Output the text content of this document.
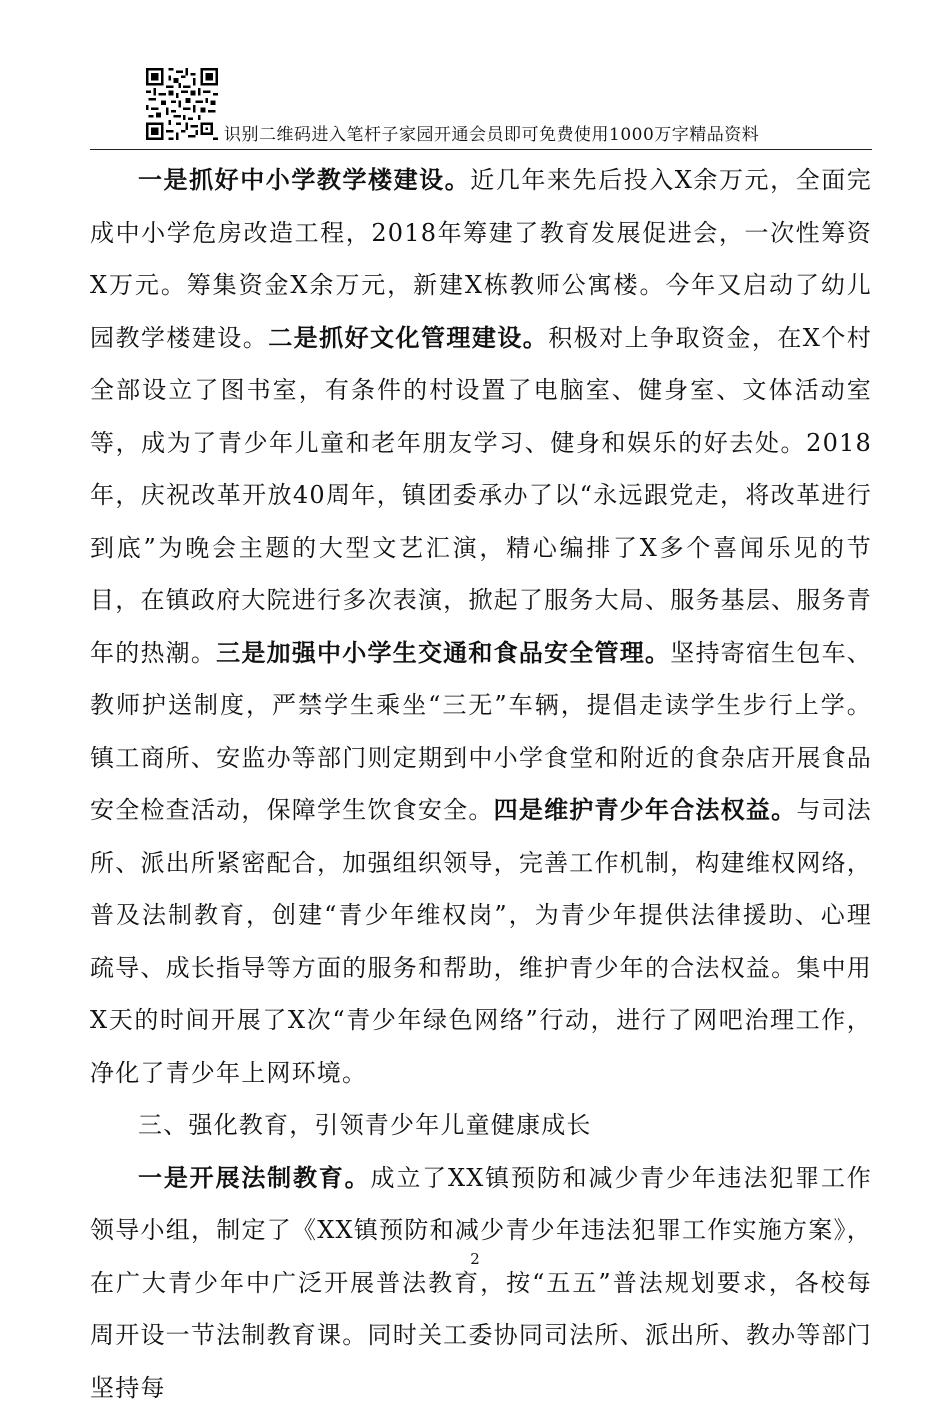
识别二维码进入笔杆子家园开通会员即可免费使用1000万字精品资料

一是抓好中小学教学楼建设。近几年来先后投入X余万元，全面完成中小学危房改造工程，2018年筹建了教育发展促进会，一次性筹资X万元。筹集资金X余万元，新建X栋教师公寓楼。今年又启动了幼儿园教学楼建设。二是抓好文化管理建设。积极对上争取资金，在X个村全部设立了图书室，有条件的村设置了电脑室、健身室、文体活动室等，成为了青少年儿童和老年朋友学习、健身和娱乐的好去处。2018年，庆祝改革开放40周年，镇团委承办了以“永远跟党走，将改革进行到底”为晚会主题的大型文艺汇演，精心编排了X多个喜闻乐见的节目，在镇政府大院进行多次表演，掀起了服务大局、服务基层、服务青年的热潮。三是加强中小学生交通和食品安全管理。坚持寄宿生包车、教师护送制度，严禁学生乘坐“三无”车辆，提倡走读学生步行上学。镇工商所、安监办等部门则定期到中小学食堂和附近的食杂店开展食品安全检查活动，保障学生饮食安全。四是维护青少年合法权益。与司法所、派出所紧密配合，加强组织领导，完善工作机制，构建维权网络，普及法制教育，创建“青少年维权岗”，为青少年提供法律援助、心理疏导、成长指导等方面的服务和帮助，维护青少年的合法权益。集中用X天的时间开展了X次“青少年绿色网络”行动，进行了网吧治理工作，净化了青少年上网环境。

三、强化教育，引领青少年儿童健康成长

一是开展法制教育。成立了XX镇预防和减少青少年违法犯罪工作领导小组，制定了《XX镇预防和减少青少年违法犯罪工作实施方案》，在广大青少年中广泛开展普法教育，按“五五”普法规划要求，各校每周开设一节法制教育课。同时关工委协同司法所、派出所、教办等部门坚持每

2
